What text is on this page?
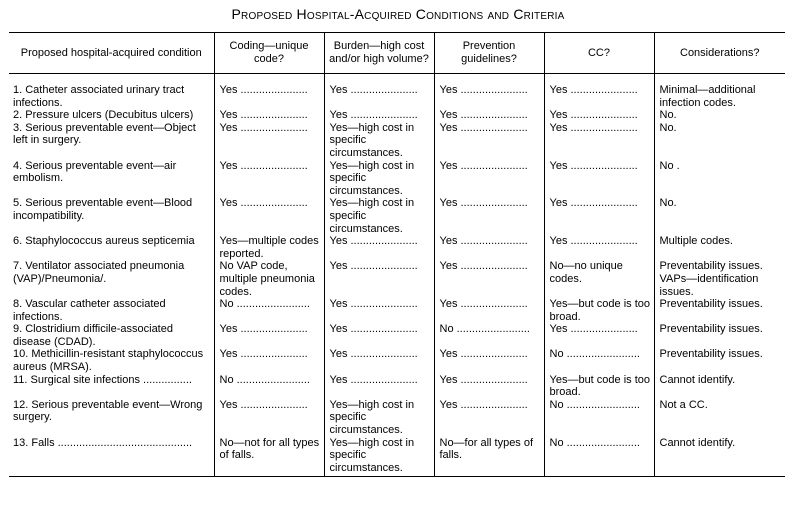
Proposed Hospital-Acquired Conditions and Criteria
Proposed hospital-acquired condition	Coding—unique code?	Burden—high cost and/or high volume?	Prevention guidelines?	CC?	Considerations?
1. Catheter associated urinary tract infections.	Yes ......................	Yes ......................	Yes ......................	Yes ......................	Minimal—additional infection codes.
2. Pressure ulcers (Decubitus ulcers)	Yes ......................	Yes ......................	Yes ......................	Yes ......................	No.
3. Serious preventable event—Object left in surgery.	Yes ......................	Yes—high cost in specific circumstances.	Yes ......................	Yes ......................	No.
4. Serious preventable event—air embolism.	Yes ......................	Yes—high cost in specific circumstances.	Yes ......................	Yes ......................	No .
5. Serious preventable event—Blood incompatibility.	Yes ......................	Yes—high cost in specific circumstances.	Yes ......................	Yes ......................	No.
6. Staphylococcus aureus septicemia	Yes—multiple codes reported.	Yes ......................	Yes ......................	Yes ......................	Multiple codes.
7. Ventilator associated pneumonia (VAP)/Pneumonia/.	No VAP code, multiple pneumonia codes.	Yes ......................	Yes ......................	No—no unique codes.	Preventability issues. VAPs—identification issues.
8. Vascular catheter associated infections.	No ........................	Yes ......................	Yes ......................	Yes—but code is too broad.	Preventability issues.
9. Clostridium difficile-associated disease (CDAD).	Yes ......................	Yes ......................	No ........................	Yes ......................	Preventability issues.
10. Methicillin-resistant staphylococcus aureus (MRSA).	Yes ......................	Yes ......................	Yes ......................	No ........................	Preventability issues.
11. Surgical site infections ................	No ........................	Yes ......................	Yes ......................	Yes—but code is too broad.	Cannot identify.
12. Serious preventable event—Wrong surgery.	Yes ......................	Yes—high cost in specific circumstances.	Yes ......................	No ........................	Not a CC.
13. Falls ............................................	No—not for all types of falls.	Yes—high cost in specific circumstances.	No—for all types of falls.	No ........................	Cannot identify.
